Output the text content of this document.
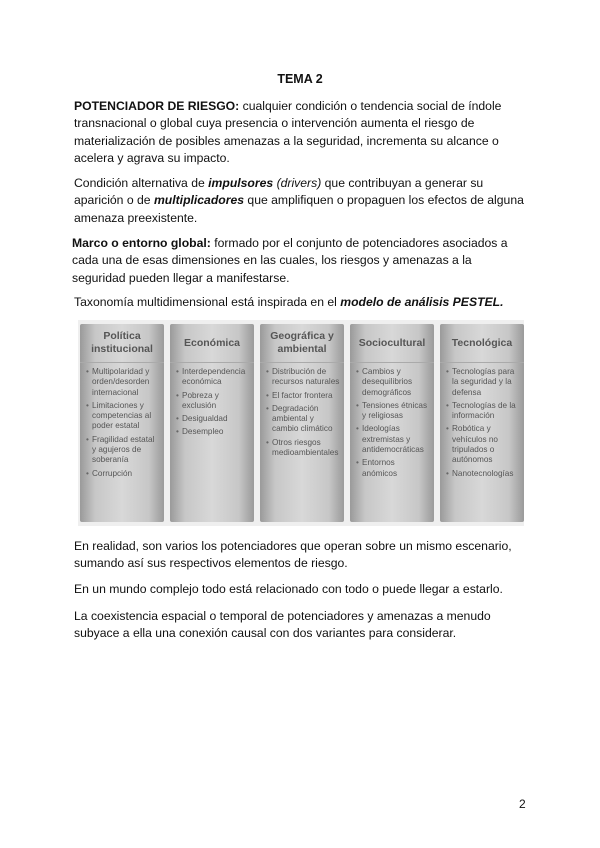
TEMA 2

POTENCIADOR DE RIESGO: cualquier condición o tendencia social de índole transnacional o global cuya presencia o intervención aumenta el riesgo de materialización de posibles amenazas a la seguridad, incrementa su alcance o acelera y agrava su impacto.

Condición alternativa de impulsores (drivers) que contribuyan a generar su aparición o de multiplicadores que amplifiquen o propaguen los efectos de alguna amenaza preexistente.

Marco o entorno global: formado por el conjunto de potenciadores asociados a cada una de esas dimensiones en las cuales, los riesgos y amenazas a la seguridad pueden llegar a manifestarse.

Taxonomía multidimensional está inspirada en el modelo de análisis PESTEL.

Política institucional
• Multipolaridad y orden/desorden internacional
• Limitaciones y competencias al poder estatal
• Fragilidad estatal y agujeros de soberanía
• Corrupción
Económica
• Interdependencia económica
• Pobreza y exclusión
• Desigualdad
• Desempleo
Geográfica y ambiental
• Distribución de recursos naturales
• El factor frontera
• Degradación ambiental y cambio climático
• Otros riesgos medioambientales
Sociocultural
• Cambios y desequilibrios demográficos
• Tensiones étnicas y religiosas
• Ideologías extremistas y antidemocráticas
• Entornos anómicos
Tecnológica
• Tecnologías para la seguridad y la defensa
• Tecnologías de la información
• Robótica y vehículos no tripulados o autónomos
• Nanotecnologías

En realidad, son varios los potenciadores que operan sobre un mismo escenario, sumando así sus respectivos elementos de riesgo.

En un mundo complejo todo está relacionado con todo o puede llegar a estarlo.

La coexistencia espacial o temporal de potenciadores y amenazas a menudo subyace a ella una conexión causal con dos variantes para considerar.

2
